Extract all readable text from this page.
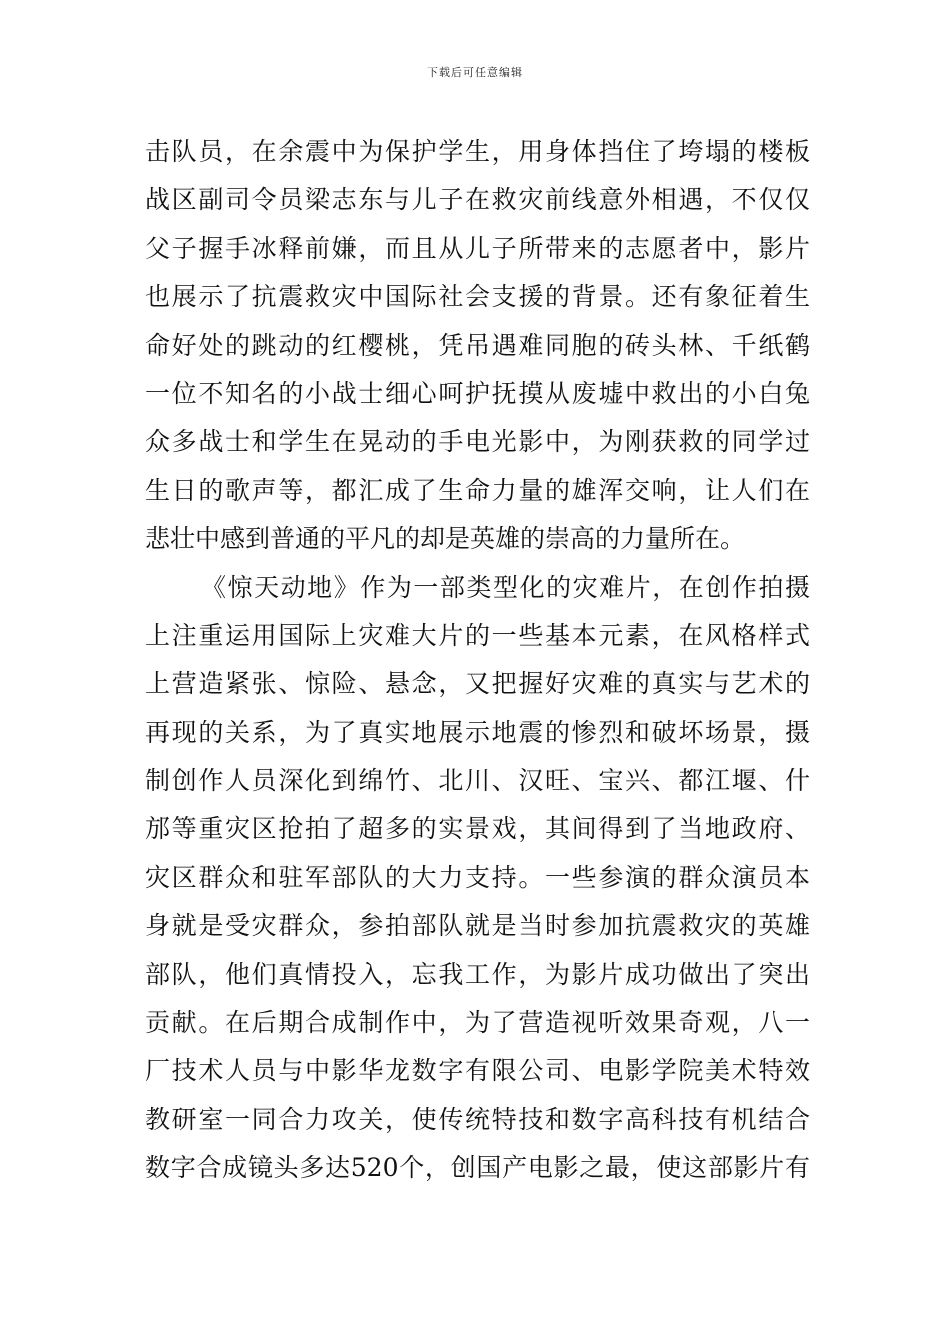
下载后可任意编辑
击队员，在余震中为保护学生，用身体挡住了垮塌的楼板
战区副司令员梁志东与儿子在救灾前线意外相遇，不仅仅
父子握手冰释前嫌，而且从儿子所带来的志愿者中，影片
也展示了抗震救灾中国际社会支援的背景。还有象征着生
命好处的跳动的红樱桃，凭吊遇难同胞的砖头林、千纸鹤
一位不知名的小战士细心呵护抚摸从废墟中救出的小白兔
众多战士和学生在晃动的手电光影中，为刚获救的同学过
生日的歌声等，都汇成了生命力量的雄浑交响，让人们在
悲壮中感到普通的平凡的却是英雄的崇高的力量所在。
《惊天动地》作为一部类型化的灾难片，在创作拍摄
上注重运用国际上灾难大片的一些基本元素，在风格样式
上营造紧张、惊险、悬念，又把握好灾难的真实与艺术的
再现的关系，为了真实地展示地震的惨烈和破坏场景，摄
制创作人员深化到绵竹、北川、汉旺、宝兴、都江堰、什
邡等重灾区抢拍了超多的实景戏，其间得到了当地政府、
灾区群众和驻军部队的大力支持。一些参演的群众演员本
身就是受灾群众，参拍部队就是当时参加抗震救灾的英雄
部队，他们真情投入，忘我工作，为影片成功做出了突出
贡献。在后期合成制作中，为了营造视听效果奇观，八一
厂技术人员与中影华龙数字有限公司、电影学院美术特效
教研室一同合力攻关，使传统特技和数字高科技有机结合
数字合成镜头多达520个，创国产电影之最，使这部影片有
